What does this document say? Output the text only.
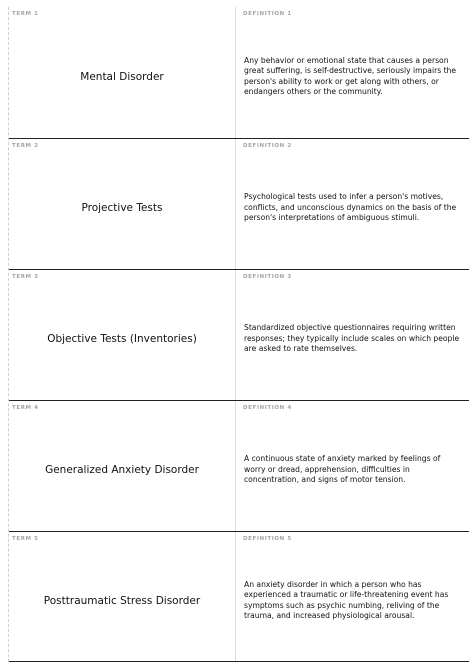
TERM 1
Mental Disorder
DEFINITION 1
Any behavior or emotional state that causes a person great suffering, is self-destructive, seriously impairs the person's ability to work or get along with others, or endangers others or the community.
TERM 2
Projective Tests
DEFINITION 2
Psychological tests used to infer a person's motives, conflicts, and unconscious dynamics on the basis of the person's interpretations of ambiguous stimuli.
TERM 3
Objective Tests (Inventories)
DEFINITION 3
Standardized objective questionnaires requiring written responses; they typically include scales on which people are asked to rate themselves.
TERM 4
Generalized Anxiety Disorder
DEFINITION 4
A continuous state of anxiety marked by feelings of worry or dread, apprehension, difficulties in concentration, and signs of motor tension.
TERM 5
Posttraumatic Stress Disorder
DEFINITION 5
An anxiety disorder in which a person who has experienced a traumatic or life-threatening event has symptoms such as psychic numbing, reliving of the trauma, and increased physiological arousal.
